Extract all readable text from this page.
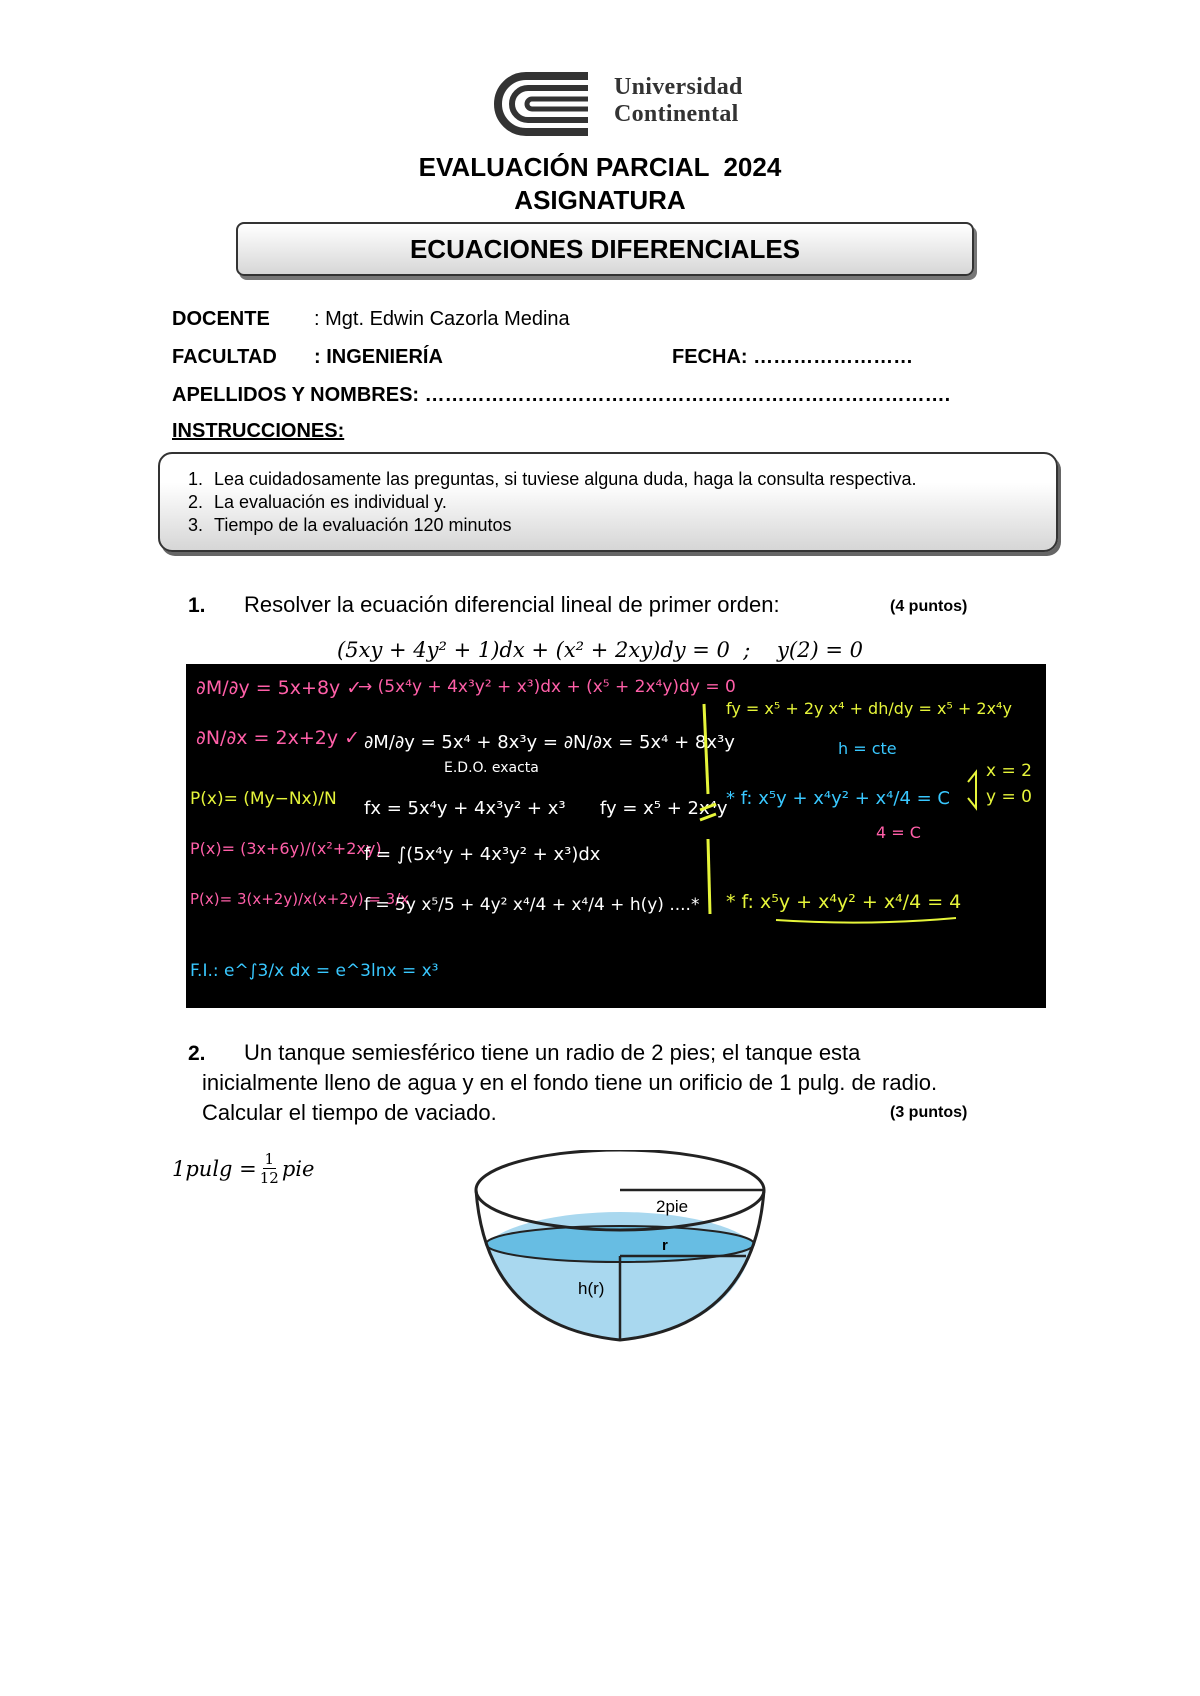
Universidad
Continental
EVALUACIÓN PARCIAL  2024
ASIGNATURA
ECUACIONES DIFERENCIALES
DOCENTE : Mgt. Edwin Cazorla Medina
FACULTAD : INGENIERÍA	FECHA: ……………………
APELLIDOS Y NOMBRES: …………………………………………………………………….
INSTRUCCIONES:
1. Lea cuidadosamente las preguntas, si tuviese alguna duda, haga la consulta respectiva.
2. La evaluación es individual y.
3. Tiempo de la evaluación 120 minutos
1. Resolver la ecuación diferencial lineal de primer orden:	(4 puntos)
(5xy + 4y² + 1)dx + (x² + 2xy)dy = 0  ;    y(2) = 0
∂M/∂y = 5x+8y ✓
∂N/∂x = 2x+2y ✓
P(x)= (My−Nx)/N
P(x)= (3x+6y)/(x²+2xy)
P(x)= 3(x+2y)/x(x+2y) = 3/x
F.I.: e^∫3/x dx = e^3lnx = x³
→ (5x⁴y + 4x³y² + x³)dx + (x⁵ + 2x⁴y)dy = 0
∂M/∂y = 5x⁴ + 8x³y = ∂N/∂x = 5x⁴ + 8x³y
E.D.O. exacta
fx = 5x⁴y + 4x³y² + x³      fy = x⁵ + 2x⁴y
f = ∫(5x⁴y + 4x³y² + x³)dx
f = 5y x⁵/5 + 4y² x⁴/4 + x⁴/4 + h(y) ....*
fy = x⁵ + 2y x⁴ + dh/dy = x⁵ + 2x⁴y
h = cte
* f: x⁵y + x⁴y² + x⁴/4 = C
x = 2
y = 0
4 = C
* f: x⁵y + x⁴y² + x⁴/4 = 4
2. Un tanque semiesférico tiene un radio de 2 pies; el tanque esta
inicialmente lleno de agua y en el fondo tiene un orificio de 1 pulg. de radio.
Calcular el tiempo de vaciado.	(3 puntos)
$1pulg = \frac{1}{12}$ pie
2pie
r
h(r)
